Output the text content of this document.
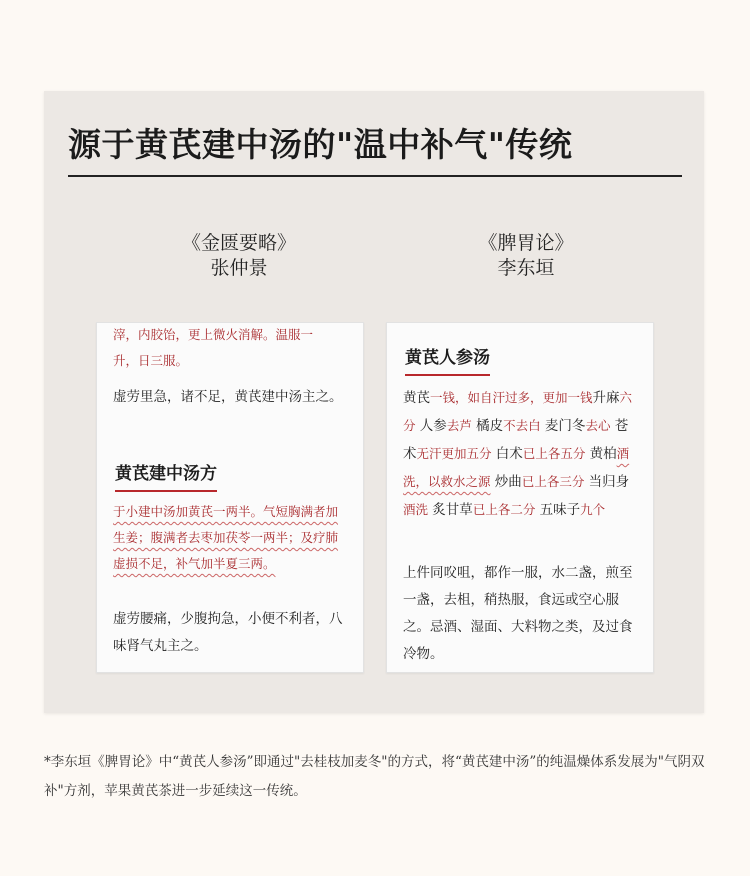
源于黄芪建中汤的"温中补气"传统
《金匮要略》
张仲景
《脾胃论》
李东垣
滓，内胶饴，更上微火消解。温服一
升，日三服。
虚劳里急，诸不足，黄芪建中汤主之。
黄芪建中汤方
于小建中汤加黄芪一两半。气短胸满者加生姜；腹满者去枣加茯苓一两半；及疗肺虚损不足，补气加半夏三两。
虚劳腰痛，少腹拘急，小便不利者，八味肾气丸主之。
黄芪人参汤
黄芪一钱，如自汗过多，更加一钱升麻六分 人参去芦 橘皮不去白 麦门冬去心 苍术无汗更加五分 白术已上各五分 黄柏酒洗，以救水之源 炒曲已上各三分 当归身酒洗 炙甘草已上各二分 五味子九个
上件同㕮咀，都作一服，水二盏，煎至一盏，去柤，稍热服，食远或空心服之。忌酒、湿面、大料物之类，及过食冷物。
*李东垣《脾胃论》中“黄芪人参汤”即通过"去桂枝加麦冬"的方式，将“黄芪建中汤”的纯温燥体系发展为"气阴双补"方剂，苹果黄芪茶进一步延续这一传统。
